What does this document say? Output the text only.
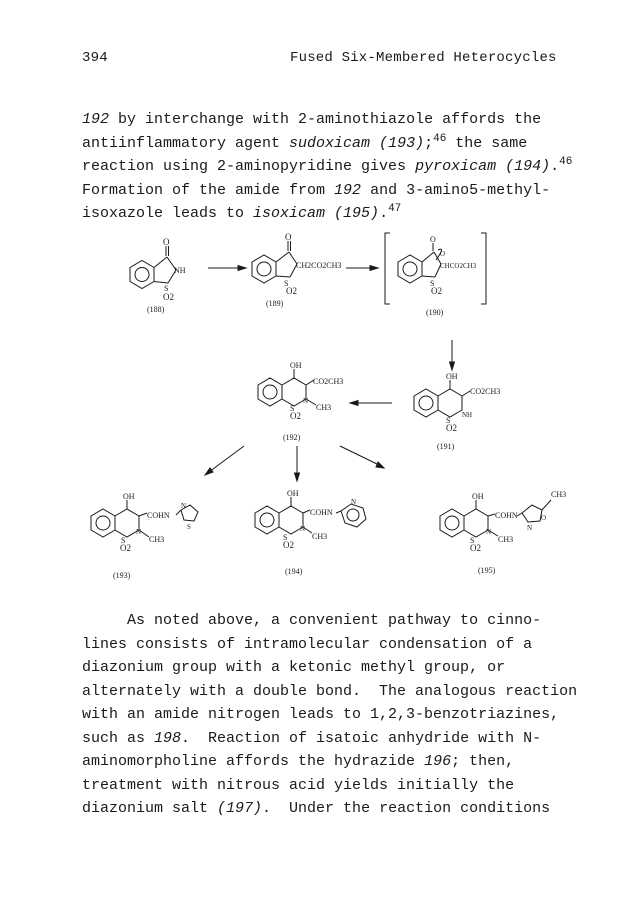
394	Fused Six-Membered Heterocycles

192 by interchange with 2-aminothiazole affords the

antiinflammatory agent sudoxicam (193);$^{46}$ the same

reaction using 2-aminopyridine gives pyroxicam (194).$^{46}$

Formation of the amide from 192 and 3-amino5-methyl-

isoxazole leads to isoxicam (195).$^{47}$

O
NH
S
O2
(188)
O
CH2CO2CH3
S
O2
(189)
O
O
CHCO2CH3
S
O2
(190)
OH
CO2CH3
NH
S
O2
(191)
OH
CO2CH3
N
CH3
S
O2
(192)
OH
COHN
N
S
N
CH3
S
O2
(193)
OH
COHN
N
N
CH3
S
O2
(194)
OH
COHN	O
N
CH3
N
CH3
S
O2
(195)

As noted above, a convenient pathway to cinno-

lines consists of intramolecular condensation of a

diazonium group with a ketonic methyl group, or

alternately with a double bond.  The analogous reaction

with an amide nitrogen leads to 1,2,3-benzotriazines,

such as 198.  Reaction of isatoic anhydride with N-

aminomorpholine affords the hydrazide 196; then,

treatment with nitrous acid yields initially the

diazonium salt (197).  Under the reaction conditions
